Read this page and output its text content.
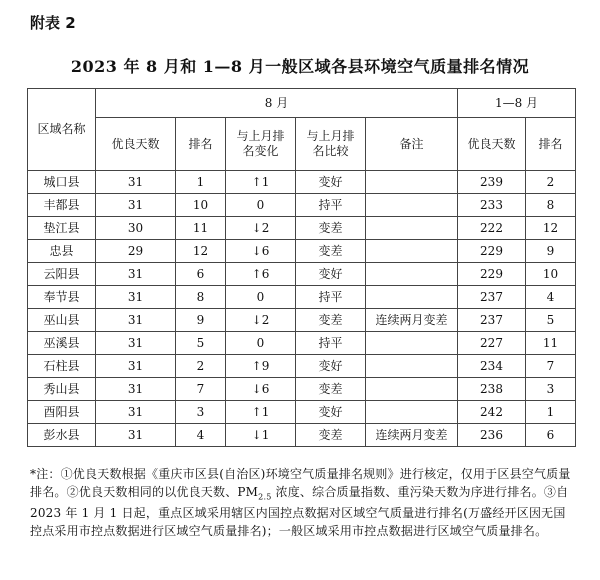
附表 2
2023 年 8 月和 1—8 月一般区域各县环境空气质量排名情况
区域名称	8 月					1—8 月	
	优良天数	排名	与上月排名变化	与上月排名比较	备注	优良天数	排名
城口县	31	1	↑1	变好		239	2
丰都县	31	10	0	持平		233	8
垫江县	30	11	↓2	变差		222	12
忠县	29	12	↓6	变差		229	9
云阳县	31	6	↑6	变好		229	10
奉节县	31	8	0	持平		237	4
巫山县	31	9	↓2	变差	连续两月变差	237	5
巫溪县	31	5	0	持平		227	11
石柱县	31	2	↑9	变好		234	7
秀山县	31	7	↓6	变差		238	3
酉阳县	31	3	↑1	变好		242	1
彭水县	31	4	↓1	变差	连续两月变差	236	6
*注：①优良天数根据《重庆市区县(自治区)环境空气质量排名规则》进行核定，仅用于区县空气质量排名。②优良天数相同的以优良天数、$PM_{2.5}$ 浓度、综合质量指数、重污染天数为序进行排名。③自 2023 年 1 月 1 日起，重点区域采用辖区内国控点数据对区域空气质量进行排名(万盛经开区因无国控点采用市控点数据进行区域空气质量排名)；一般区域采用市控点数据进行区域空气质量排名。
